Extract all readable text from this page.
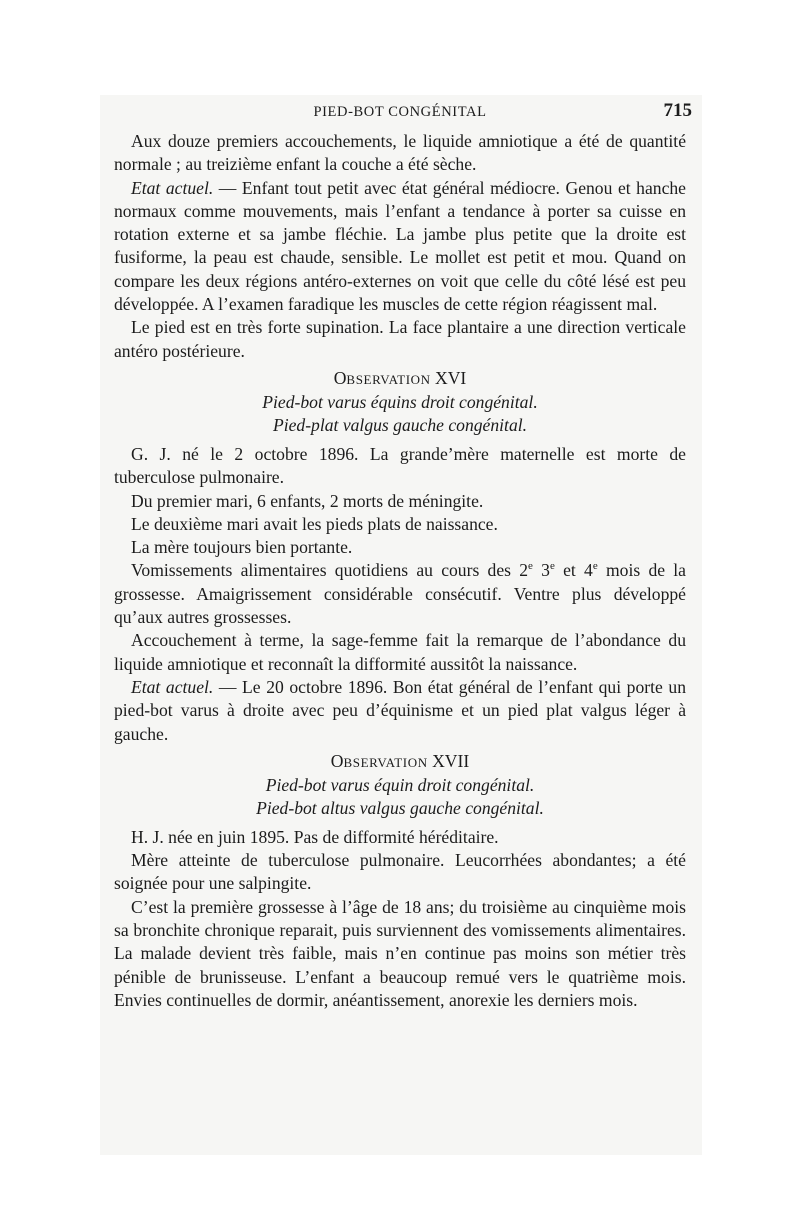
PIED-BOT CONGÉNITAL	715

Aux douze premiers accouchements, le liquide amniotique a été de quantité normale ; au treizième enfant la couche a été sèche.

Etat actuel. — Enfant tout petit avec état général médiocre. Genou et hanche normaux comme mouvements, mais l’enfant a tendance à porter sa cuisse en rotation externe et sa jambe fléchie. La jambe plus petite que la droite est fusiforme, la peau est chaude, sensible. Le mollet est petit et mou. Quand on compare les deux régions antéro-externes on voit que celle du côté lésé est peu développée. A l’examen faradique les muscles de cette région réagissent mal.

Le pied est en très forte supination. La face plantaire a une direction verticale antéro postérieure.

OBSERVATION XVI
Pied-bot varus équins droit congénital.
Pied-plat valgus gauche congénital.

G. J. né le 2 octobre 1896. La grande’mère maternelle est morte de tuberculose pulmonaire.

Du premier mari, 6 enfants, 2 morts de méningite.

Le deuxième mari avait les pieds plats de naissance.

La mère toujours bien portante.

Vomissements alimentaires quotidiens au cours des 2e 3e et 4e mois de la grossesse. Amaigrissement considérable consécutif. Ventre plus développé qu’aux autres grossesses.

Accouchement à terme, la sage-femme fait la remarque de l’abondance du liquide amniotique et reconnaît la difformité aussitôt la naissance.

Etat actuel. — Le 20 octobre 1896. Bon état général de l’enfant qui porte un pied-bot varus à droite avec peu d’équinisme et un pied plat valgus léger à gauche.

OBSERVATION XVII
Pied-bot varus équin droit congénital.
Pied-bot altus valgus gauche congénital.

H. J. née en juin 1895. Pas de difformité héréditaire.

Mère atteinte de tuberculose pulmonaire. Leucorrhées abondantes; a été soignée pour une salpingite.

C’est la première grossesse à l’âge de 18 ans; du troisième au cinquième mois sa bronchite chronique reparait, puis surviennent des vomissements alimentaires. La malade devient très faible, mais n’en continue pas moins son métier très pénible de brunisseuse. L’enfant a beaucoup remué vers le quatrième mois. Envies continuelles de dormir, anéantissement, anorexie les derniers mois.
